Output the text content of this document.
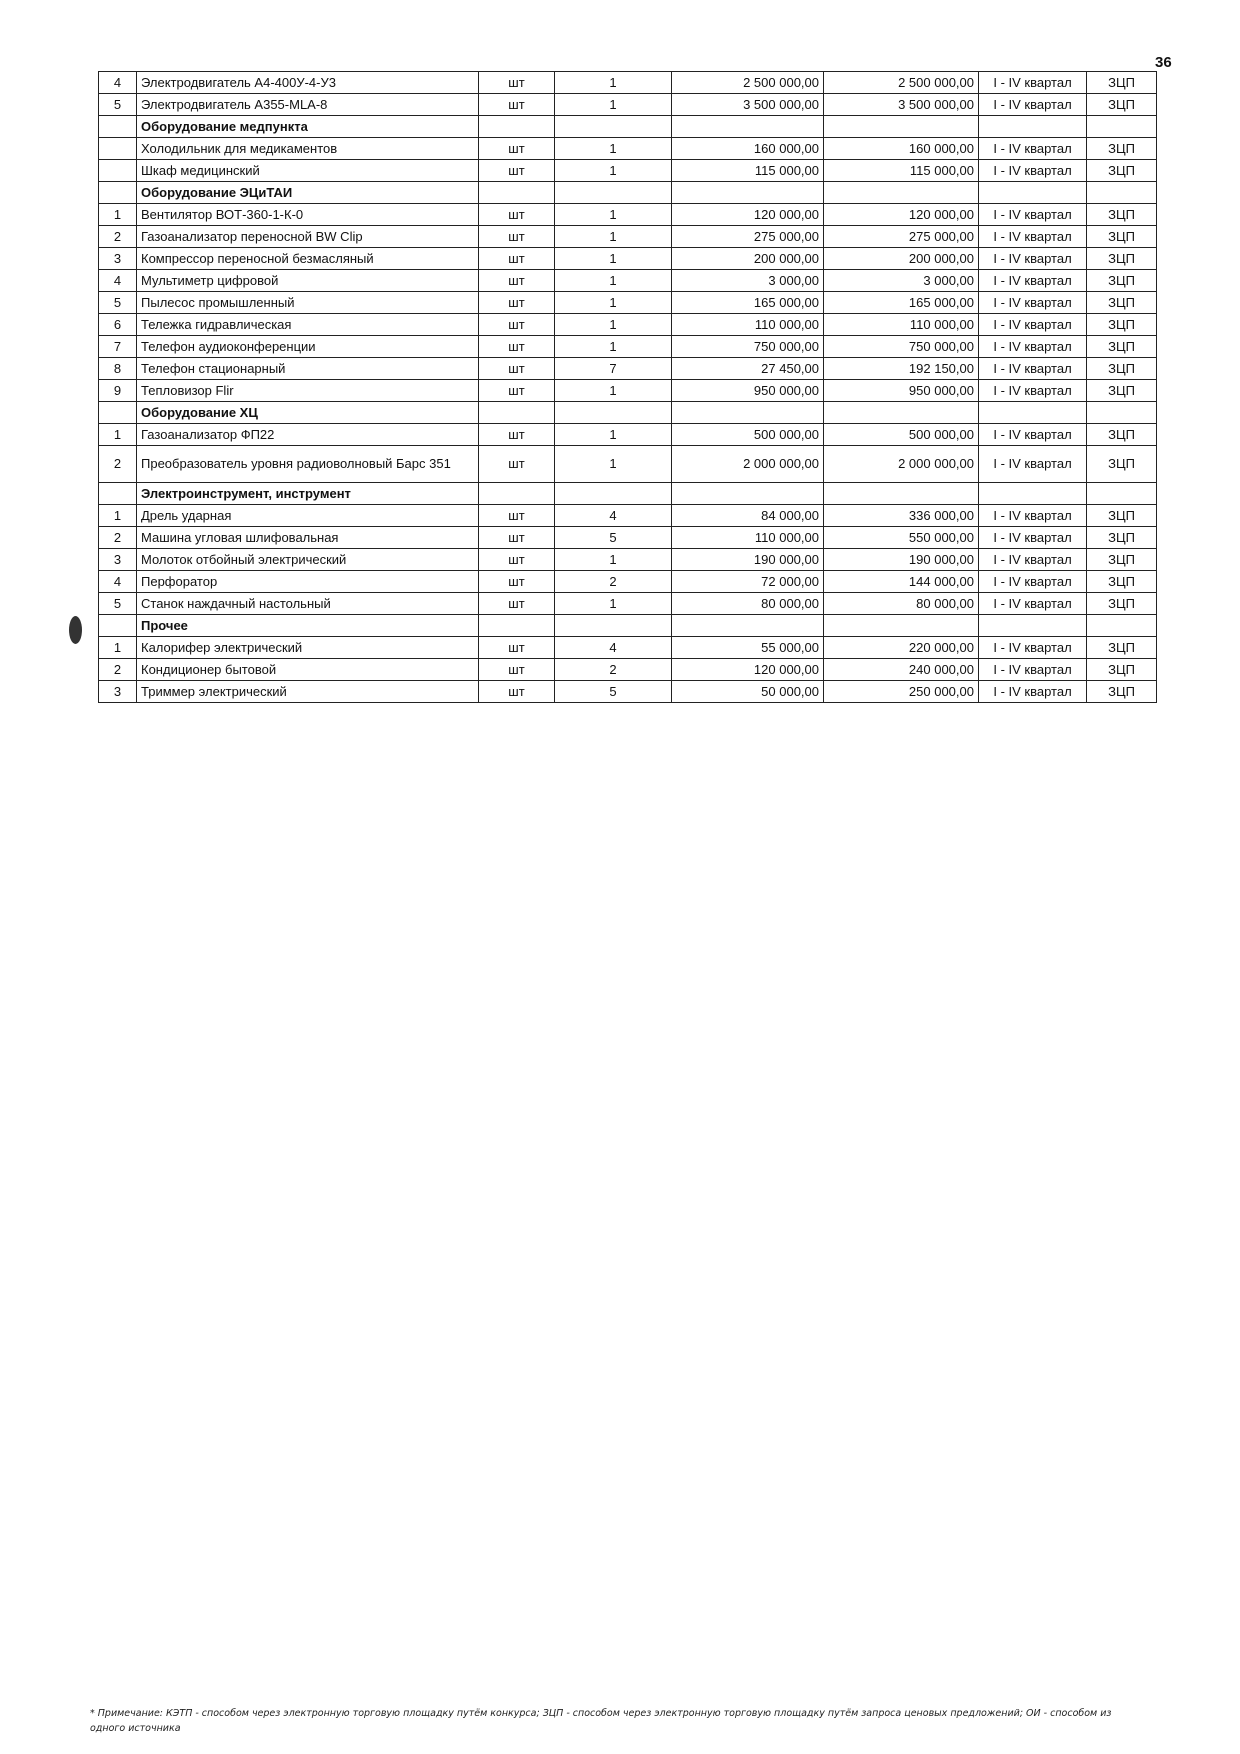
36
4	Электродвигатель А4-400У-4-У3	шт	1	2 500 000,00	2 500 000,00	I - IV квартал	ЗЦП
5	Электродвигатель А355-MLA-8	шт	1	3 500 000,00	3 500 000,00	I - IV квартал	ЗЦП
	Оборудование медпункта						
	Холодильник для медикаментов	шт	1	160 000,00	160 000,00	I - IV квартал	ЗЦП
	Шкаф медицинский	шт	1	115 000,00	115 000,00	I - IV квартал	ЗЦП
	Оборудование ЭЦиТАИ						
1	Вентилятор ВОТ-360-1-К-0	шт	1	120 000,00	120 000,00	I - IV квартал	ЗЦП
2	Газоанализатор переносной BW Clip	шт	1	275 000,00	275 000,00	I - IV квартал	ЗЦП
3	Компрессор переносной безмасляный	шт	1	200 000,00	200 000,00	I - IV квартал	ЗЦП
4	Мультиметр цифровой	шт	1	3 000,00	3 000,00	I - IV квартал	ЗЦП
5	Пылесос промышленный	шт	1	165 000,00	165 000,00	I - IV квартал	ЗЦП
6	Тележка гидравлическая	шт	1	110 000,00	110 000,00	I - IV квартал	ЗЦП
7	Телефон аудиоконференции	шт	1	750 000,00	750 000,00	I - IV квартал	ЗЦП
8	Телефон стационарный	шт	7	27 450,00	192 150,00	I - IV квартал	ЗЦП
9	Тепловизор Flir	шт	1	950 000,00	950 000,00	I - IV квартал	ЗЦП
	Оборудование ХЦ						
1	Газоанализатор ФП22	шт	1	500 000,00	500 000,00	I - IV квартал	ЗЦП
2	Преобразователь уровня радиоволновый Барс 351	шт	1	2 000 000,00	2 000 000,00	I - IV квартал	ЗЦП
	Электроинструмент, инструмент						
1	Дрель ударная	шт	4	84 000,00	336 000,00	I - IV квартал	ЗЦП
2	Машина угловая шлифовальная	шт	5	110 000,00	550 000,00	I - IV квартал	ЗЦП
3	Молоток отбойный электрический	шт	1	190 000,00	190 000,00	I - IV квартал	ЗЦП
4	Перфоратор	шт	2	72 000,00	144 000,00	I - IV квартал	ЗЦП
5	Станок наждачный настольный	шт	1	80 000,00	80 000,00	I - IV квартал	ЗЦП
	Прочее						
1	Калорифер электрический	шт	4	55 000,00	220 000,00	I - IV квартал	ЗЦП
2	Кондиционер бытовой	шт	2	120 000,00	240 000,00	I - IV квартал	ЗЦП
3	Триммер электрический	шт	5	50 000,00	250 000,00	I - IV квартал	ЗЦП
* Примечание: КЭТП - способом через электронную торговую площадку путём конкурса; ЗЦП - способом через электронную торговую площадку путём запроса ценовых предложений; ОИ - способом из одного источника
